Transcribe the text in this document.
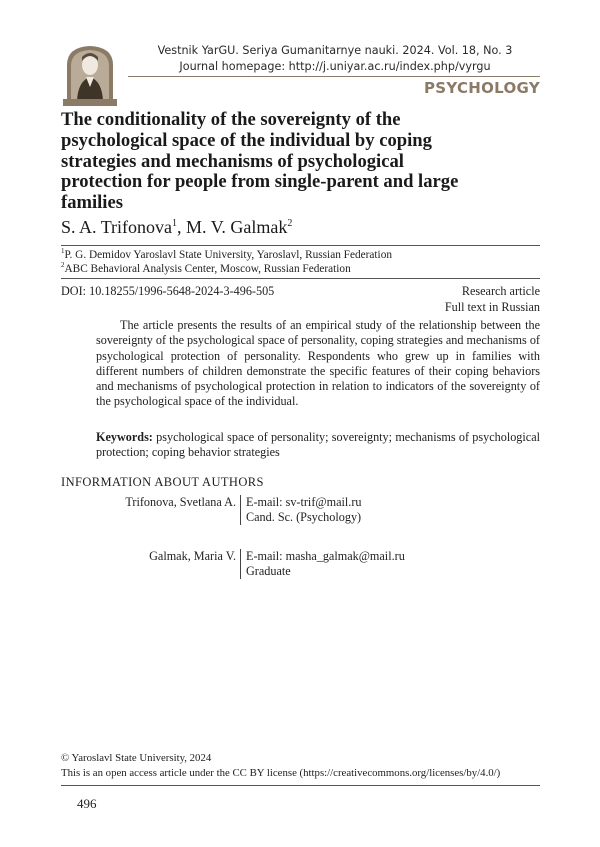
Vestnik YarGU. Seriya Gumanitarnye nauki. 2024. Vol. 18, No. 3
Journal homepage: http://j.uniyar.ac.ru/index.php/vyrgu
PSYCHOLOGY
The conditionality of the sovereignty of the psychological space of the individual by coping strategies and mechanisms of psychological protection for people from single-parent and large families
S. A. Trifonova$^1$, M. V. Galmak$^2$
$^1$P. G. Demidov Yaroslavl State University, Yaroslavl, Russian Federation
$^2$ABC Behavioral Analysis Center, Moscow, Russian Federation
DOI: 10.18255/1996-5648-2024-3-496-505	Research article
Full text in Russian
The article presents the results of an empirical study of the relationship between the sovereignty of the psychological space of personality, coping strategies and mechanisms of psychological protection of personality. Respondents who grew up in families with different numbers of children demonstrate the specific features of their coping behaviors and mechanisms of psychological protection in relation to indicators of the sovereignty of the psychological space of the individual.
Keywords: psychological space of personality; sovereignty; mechanisms of psychological protection; coping behavior strategies
INFORMATION ABOUT AUTHORS
Trifonova, Svetlana A. E-mail: sv-trif@mail.ru
Cand. Sc. (Psychology)
Galmak, Maria V. E-mail: masha_galmak@mail.ru
Graduate
© Yaroslavl State University, 2024
This is an open access article under the CC BY license (https://creativecommons.org/licenses/by/4.0/)
496
